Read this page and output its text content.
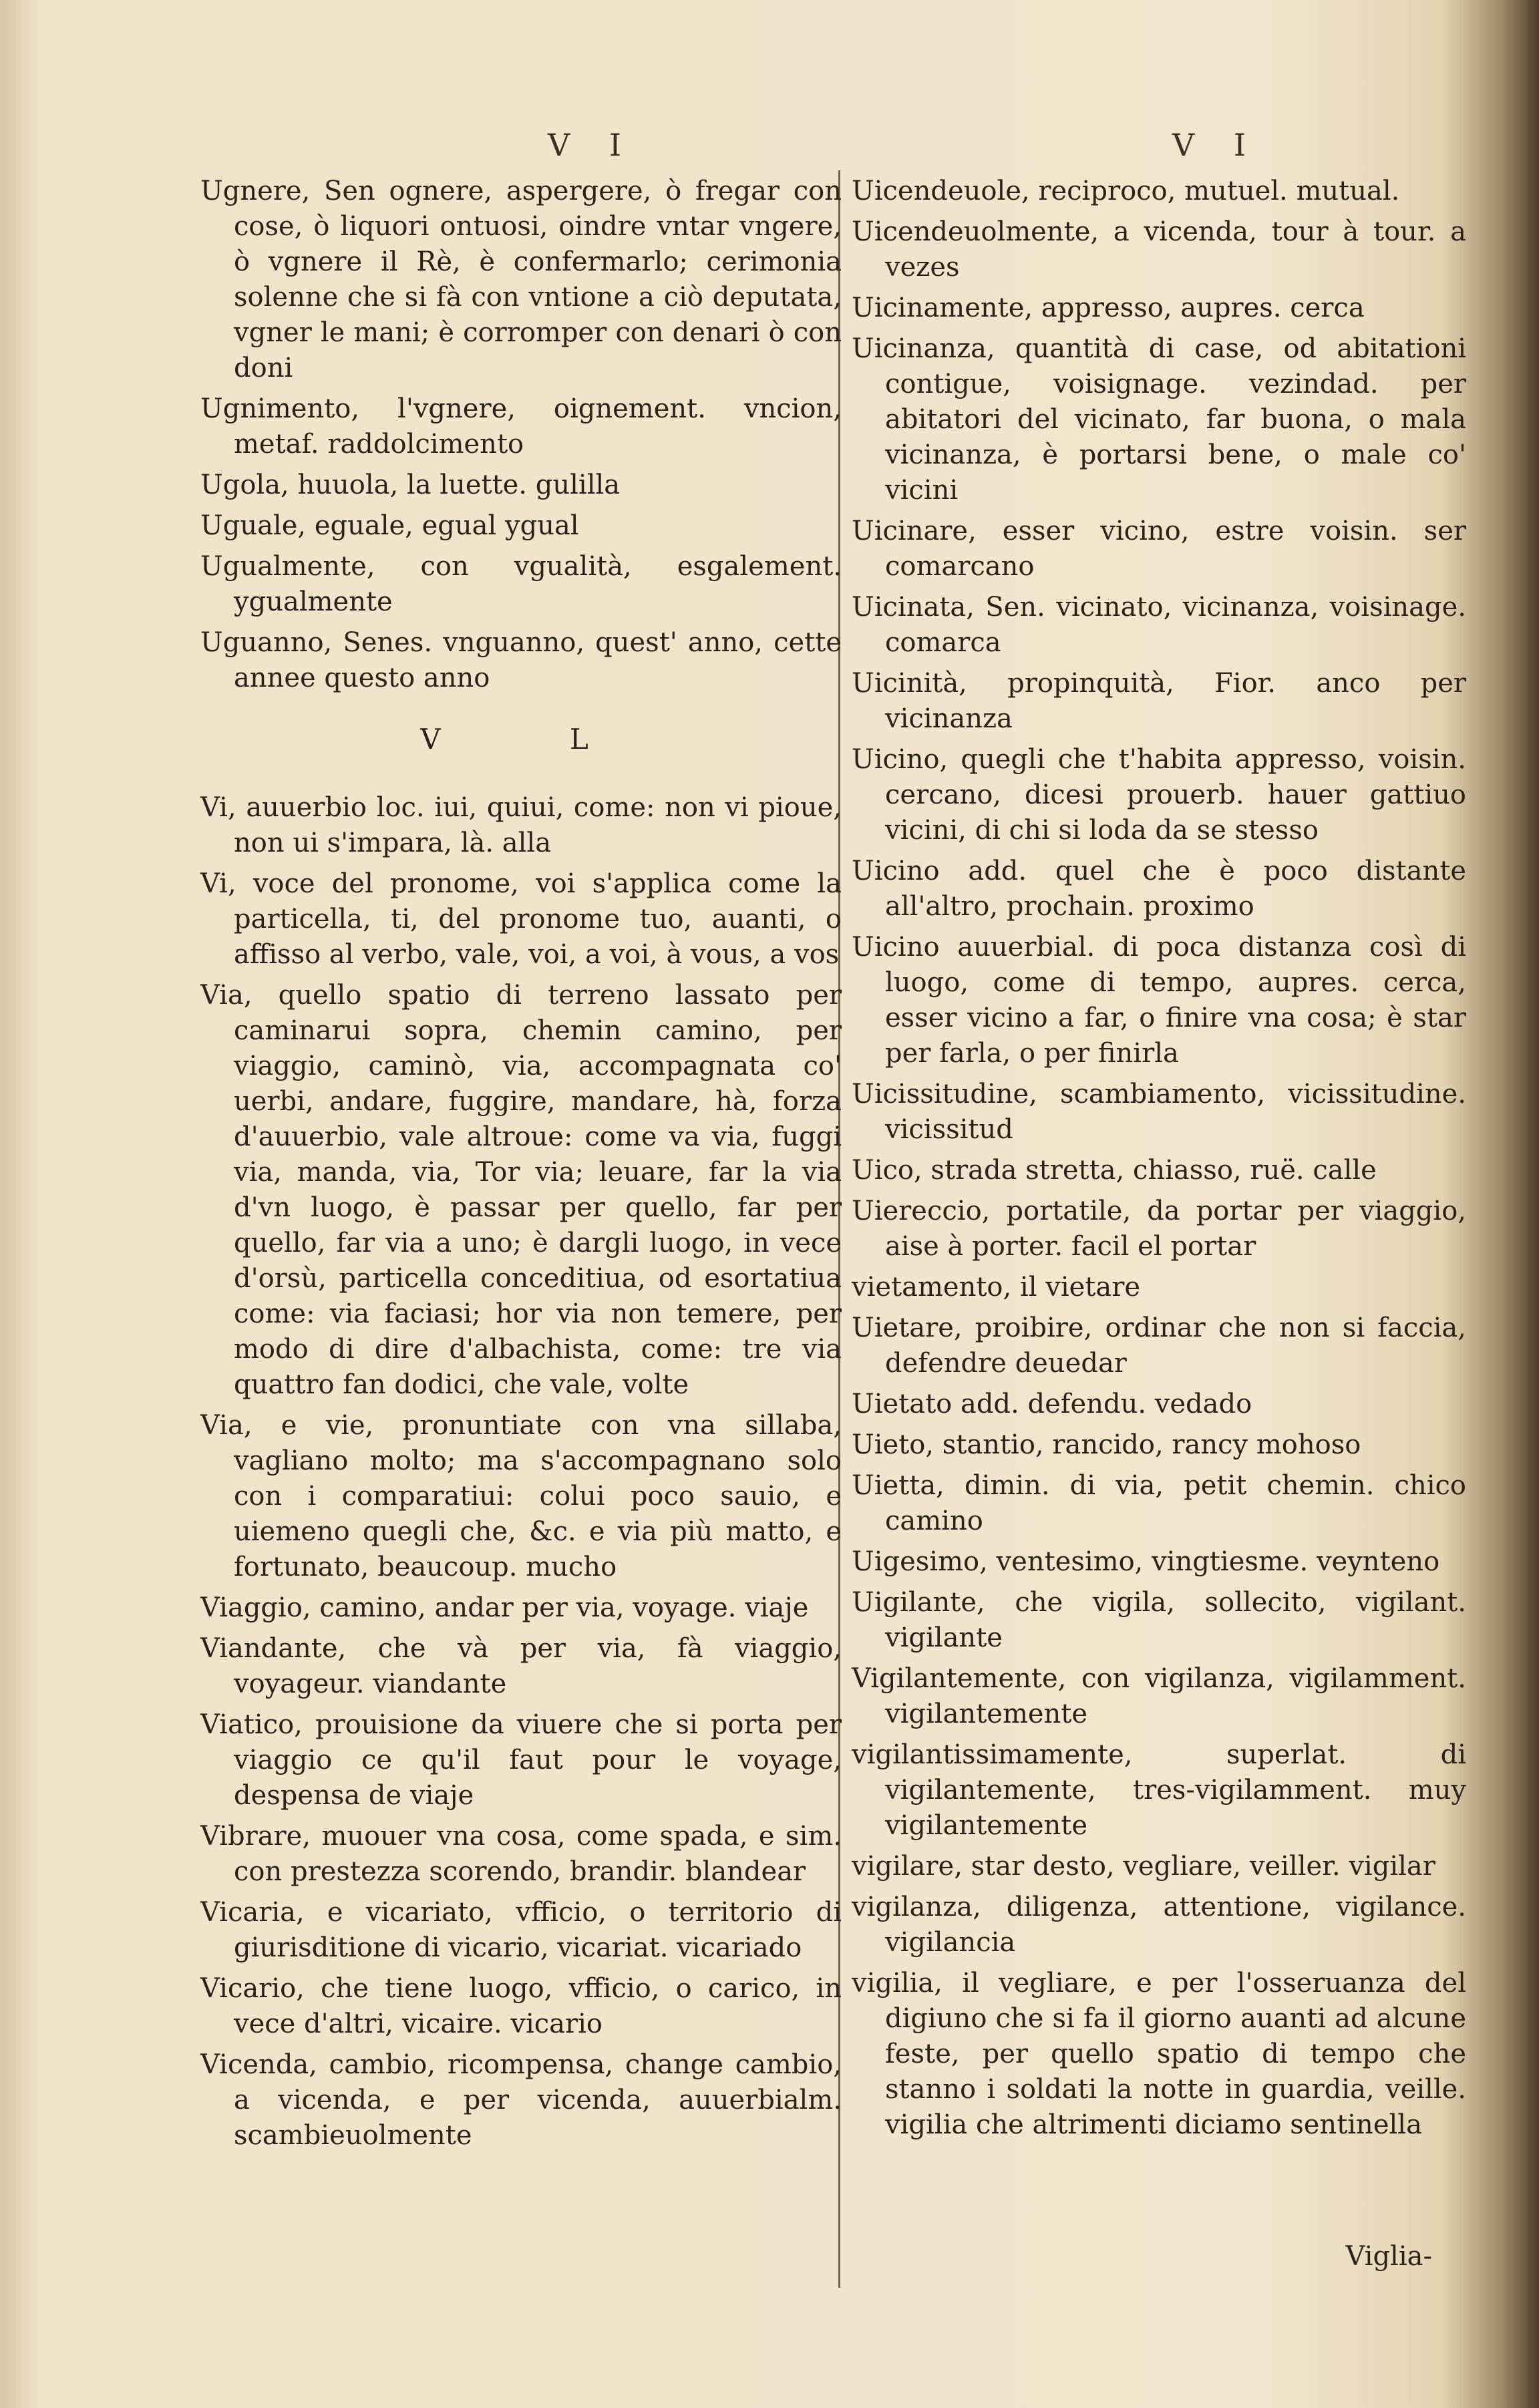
V I	V I
Ugnere, Sen ognere, aspergere, ò fregar con cose, ò liquori ontuosi, oindre vntar vngere, ò vgnere il Rè, è confermarlo; cerimonia solenne che si fà con vntione a ciò deputata, vgner le mani; è corromper con denari ò con doni
Ugnimento, l'vgnere, oignement. vncion, metaf. raddolcimento
Ugola, huuola, la luette. gulilla
Uguale, eguale, egual ygual
Ugualmente, con vgualità, esgalement. ygualmente
Uguanno, Senes. vnguanno, quest' anno, cette annee questo anno
V L
Vi, auuerbio loc. iui, quiui, come: non vi pioue, non ui s'impara, là. alla
Vi, voce del pronome, voi s'applica come la particella, ti, del pronome tuo, auanti, o affisso al verbo, vale, voi, a voi, à vous, a vos
Via, quello spatio di terreno lassato per caminarui sopra, chemin camino, per viaggio, caminò, via, accompagnata co' uerbi, andare, fuggire, mandare, hà, forza d'auuerbio, vale altroue: come va via, fuggi via, manda, via, Tor via; leuare, far la via d'vn luogo, è passar per quello, far per quello, far via a uno; è dargli luogo, in vece d'orsù, particella conceditiua, od esortatiua come: via faciasi; hor via non temere, per modo di dire d'albachista, come: tre via quattro fan dodici, che vale, volte
Via, e vie, pronuntiate con vna sillaba, vagliano molto; ma s'accompagnano solo con i comparatiui: colui poco sauio, e uiemeno quegli che, &c. e via più matto, e fortunato, beaucoup. mucho
Viaggio, camino, andar per via, voyage. viaje
Viandante, che và per via, fà viaggio, voyageur. viandante
Viatico, prouisione da viuere che si porta per viaggio ce qu'il faut pour le voyage, despensa de viaje
Vibrare, muouer vna cosa, come spada, e sim. con prestezza scorendo, brandir. blandear
Vicaria, e vicariato, vfficio, o territorio di giurisditione di vicario, vicariat. vicariado
Vicario, che tiene luogo, vfficio, o carico, in vece d'altri, vicaire. vicario
Vicenda, cambio, ricompensa, change cambio, a vicenda, e per vicenda, auuerbialm. scambieuolmente
Uicendeuole, reciproco, mutuel. mutual.
Uicendeuolmente, a vicenda, tour à tour. a vezes
Uicinamente, appresso, aupres. cerca
Uicinanza, quantità di case, od abitationi contigue, voisignage. vezindad. per abitatori del vicinato, far buona, o mala vicinanza, è portarsi bene, o male co' vicini
Uicinare, esser vicino, estre voisin. ser comarcano
Uicinata, Sen. vicinato, vicinanza, voisinage. comarca
Uicinità, propinquità, Fior. anco per vicinanza
Uicino, quegli che t'habita appresso, voisin. cercano, dicesi prouerb. hauer gattiuo vicini, di chi si loda da se stesso
Uicino add. quel che è poco distante all'altro, prochain. proximo
Uicino auuerbial. di poca distanza così di luogo, come di tempo, aupres. cerca, esser vicino a far, o finire vna cosa; è star per farla, o per finirla
Uicissitudine, scambiamento, vicissitudine. vicissitud
Uico, strada stretta, chiasso, ruë. calle
Uiereccio, portatile, da portar per viaggio, aise à porter. facil el portar
vietamento, il vietare
Uietare, proibire, ordinar che non si faccia, defendre deuedar
Uietato add. defendu. vedado
Uieto, stantio, rancido, rancy mohoso
Uietta, dimin. di via, petit chemin. chico camino
Uigesimo, ventesimo, vingtiesme. veynteno
Uigilante, che vigila, sollecito, vigilant. vigilante
Vigilantemente, con vigilanza, vigilamment. vigilantemente
vigilantissimamente, superlat. di vigilantemente, tres-vigilamment. muy vigilantemente
vigilare, star desto, vegliare, veiller. vigilar
vigilanza, diligenza, attentione, vigilance. vigilancia
vigilia, il vegliare, e per l'osseruanza del digiuno che si fa il giorno auanti ad alcune feste, per quello spatio di tempo che stanno i soldati la notte in guardia, veille. vigilia che altrimenti diciamo sentinella
Viglia-
